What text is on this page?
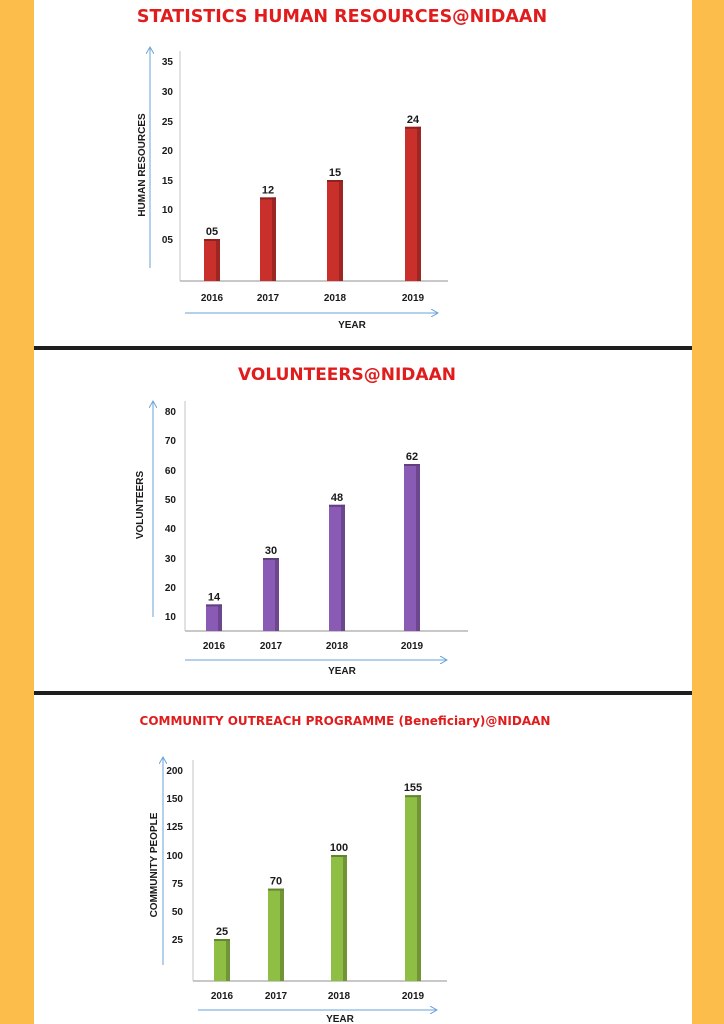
STATISTICS HUMAN RESOURCES@NIDAAN
HUMAN RESOURCES
05
10
15
20
25
30
35
05
2016
12
2017
15
2018
24
2019
YEAR
VOLUNTEERS@NIDAAN
VOLUNTEERS
10
20
30
40
50
60
70
80
14
2016
30
2017
48
2018
62
2019
YEAR
COMMUNITY OUTREACH PROGRAMME (Beneficiary)@NIDAAN
COMMUNITY PEOPLE
25
50
75
100
125
150
200
25
2016
70
2017
100
2018
155
2019
YEAR
